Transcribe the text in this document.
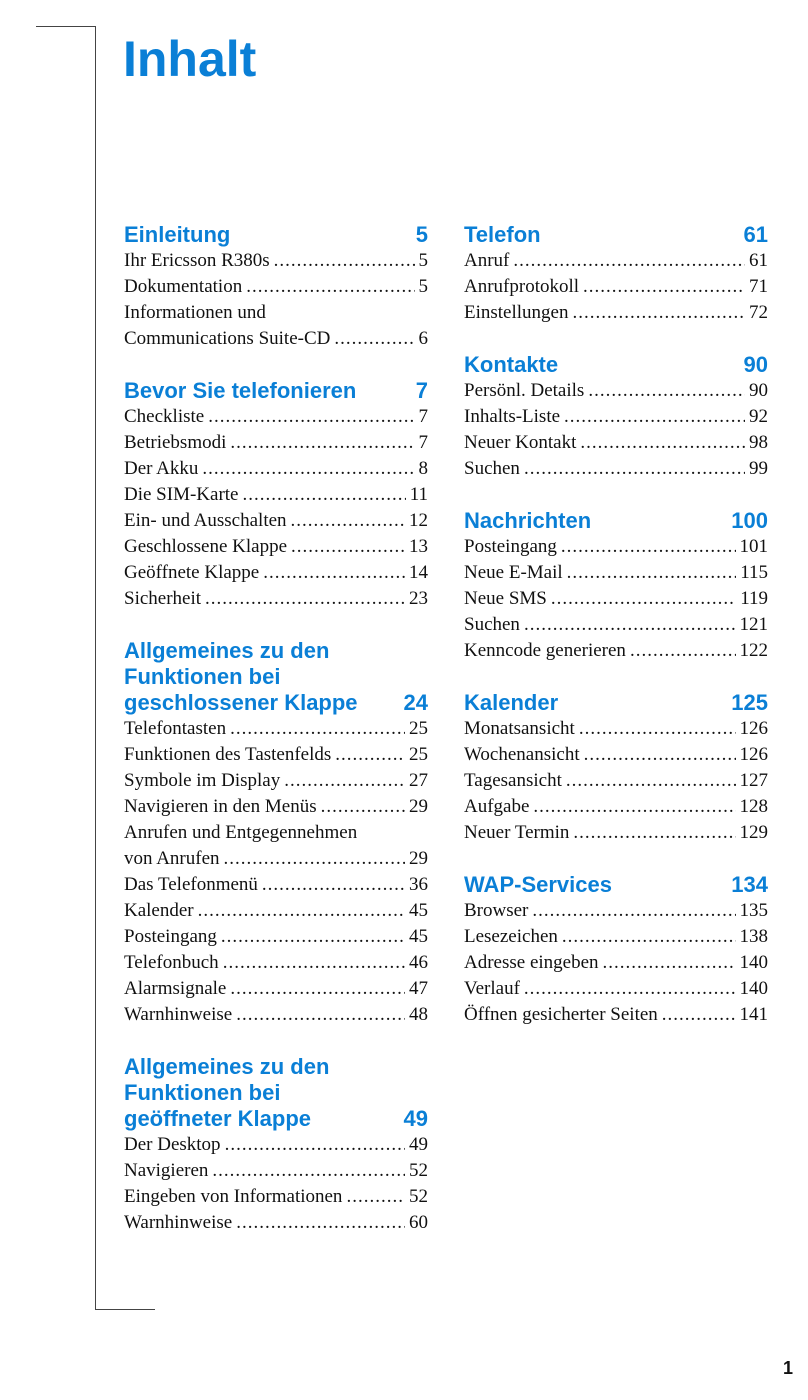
Inhalt
Einleitung	5
Ihr Ericsson R380s .....	5
Dokumentation .....	5
Informationen und
Communications Suite-CD .....	6
Bevor Sie telefonieren	7
Checkliste .....	7
Betriebsmodi .....	7
Der Akku .....	8
Die SIM-Karte .....	11
Ein- und Ausschalten .....	12
Geschlossene Klappe .....	13
Geöffnete Klappe .....	14
Sicherheit .....	23
Allgemeines zu den
Funktionen bei
geschlossener Klappe 24
Telefontasten .....	25
Funktionen des Tastenfelds .....	25
Symbole im Display .....	27
Navigieren in den Menüs .....	29
Anrufen und Entgegennehmen
von Anrufen .....	29
Das Telefonmenü .....	36
Kalender .....	45
Posteingang .....	45
Telefonbuch .....	46
Alarmsignale .....	47
Warnhinweise .....	48
Allgemeines zu den
Funktionen bei
geöffneter Klappe	49
Der Desktop .....	49
Navigieren .....	52
Eingeben von Informationen .....	52
Warnhinweise .....	60
Telefon	61
Anruf .....	61
Anrufprotokoll .....	71
Einstellungen .....	72
Kontakte	90
Persönl. Details .....	90
Inhalts-Liste .....	92
Neuer Kontakt .....	98
Suchen .....	99
Nachrichten	100
Posteingang .....	101
Neue E-Mail .....	115
Neue SMS .....	119
Suchen .....	121
Kenncode generieren .....	122
Kalender	125
Monatsansicht .....	126
Wochenansicht .....	126
Tagesansicht .....	127
Aufgabe .....	128
Neuer Termin .....	129
WAP-Services	134
Browser .....	135
Lesezeichen .....	138
Adresse eingeben .....	140
Verlauf .....	140
Öffnen gesicherter Seiten .....	141
1
